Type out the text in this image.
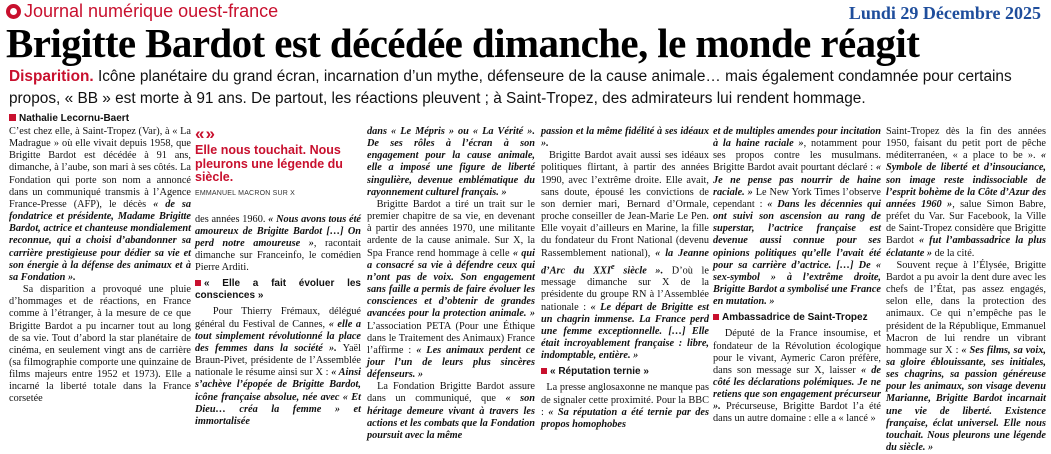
Journal numérique ouest-france	Lundi 29 Décembre 2025
Brigitte Bardot est décédée dimanche, le monde réagit
Disparition. Icône planétaire du grand écran, incarnation d’un mythe, défenseure de la cause animale… mais également condamnée pour certains propos, « BB » est morte à 91 ans. De partout, les réactions pleuvent ; à Saint-Tropez, des admirateurs lui rendent hommage.
Nathalie Lecornu-Baert

C’est chez elle, à Saint-Tropez (Var), à « La Madrague » où elle vivait depuis 1958, que Brigitte Bardot est décédée à 91 ans, dimanche, à l’aube, son mari à ses côtés. La Fondation qui porte son nom a annoncé dans un communiqué transmis à l’Agence France-Presse (AFP), le décès « de sa fondatrice et présidente, Madame Brigitte Bardot, actrice et chanteuse mondialement reconnue, qui a choisi d’abandonner sa carrière prestigieuse pour dédier sa vie et son énergie à la défense des animaux et à sa Fondation ».

Sa disparition a provoqué une pluie d’hommages et de réactions, en France comme à l’étranger, à la mesure de ce que Brigitte Bardot a pu incarner tout au long de sa vie. Tout d’abord la star planétaire de cinéma, en seulement vingt ans de carrière (sa filmographie comporte une quinzaine de films majeurs entre 1952 et 1973). Elle a incarné la liberté totale dans la France corsetée

«»
Elle nous touchait. Nous pleurons une légende du siècle.
EMMANUEL MACRON SUR X

des années 1960. « Nous avons tous été amoureux de Brigitte Bardot […] On perd notre amoureuse », racontait dimanche sur Franceinfo, le comédien Pierre Arditi.

« Elle a fait évoluer les consciences »

Pour Thierry Frémaux, délégué général du Festival de Cannes, « elle a tout simplement révolutionné la place des femmes dans la société ». Yaël Braun-Pivet, présidente de l’Assemblée nationale le résume ainsi sur X : « Ainsi s’achève l’épopée de Brigitte Bardot, icône française absolue, née avec « Et Dieu… créa la femme » et immortalisée

dans « Le Mépris » ou « La Vérité ». De ses rôles à l’écran à son engagement pour la cause animale, elle a imposé une figure de liberté singulière, devenue emblématique du rayonnement culturel français. »

Brigitte Bardot a tiré un trait sur le premier chapitre de sa vie, en devenant à partir des années 1970, une militante ardente de la cause animale. Sur X, la Spa France rend hommage à celle « qui a consacré sa vie à défendre ceux qui n’ont pas de voix. Son engagement sans faille a permis de faire évoluer les consciences et d’obtenir de grandes avancées pour la protection animale. » L’association PETA (Pour une Éthique dans le Traitement des Animaux) France l’affirme : « Les animaux perdent ce jour l’un de leurs plus sincères défenseurs. »

La Fondation Brigitte Bardot assure dans un communiqué, que « son héritage demeure vivant à travers les actions et les combats que la Fondation poursuit avec la même

passion et la même fidélité à ses idéaux ».

Brigitte Bardot avait aussi ses idéaux politiques flirtant, à partir des années 1990, avec l’extrême droite. Elle avait, sans doute, épousé les convictions de son dernier mari, Bernard d’Ormale, proche conseiller de Jean-Marie Le Pen. Elle voyait d’ailleurs en Marine, la fille du fondateur du Front National (devenu Rassemblement national), « la Jeanne d’Arc du XXIe siècle ». D’où le message dimanche sur X de la présidente du groupe RN à l’Assemblée nationale : « Le départ de Brigitte est un chagrin immense. La France perd une femme exceptionnelle. […] Elle était incroyablement française : libre, indomptable, entière. »

« Réputation ternie »

La presse anglosaxonne ne manque pas de signaler cette proximité. Pour la BBC : « Sa réputation a été ternie par des propos homophobes

et de multiples amendes pour incitation à la haine raciale », notamment pour ses propos contre les musulmans. Brigitte Bardot avait pourtant déclaré : « Je ne pense pas nourrir de haine raciale. » Le New York Times l’observe cependant : « Dans les décennies qui ont suivi son ascension au rang de superstar, l’actrice française est devenue aussi connue pour ses opinions politiques qu’elle l’avait été pour sa carrière d’actrice. […] De « sex-symbol » à l’extrême droite, Brigitte Bardot a symbolisé une France en mutation. »

Ambassadrice de Saint-Tropez

Député de la France insoumise, et fondateur de la Révolution écologique pour le vivant, Aymeric Caron préfère, dans son message sur X, laisser « de côté les déclarations polémiques. Je ne retiens que son engagement précurseur ». Précurseuse, Brigitte Bardot l’a été dans un autre domaine : elle a « lancé »

Saint-Tropez dès la fin des années 1950, faisant du petit port de pêche méditerranéen, « a place to be ». « Symbole de liberté et d’insouciance, son image reste indissociable de l’esprit bohème de la Côte d’Azur des années 1960 », salue Simon Babre, préfet du Var. Sur Facebook, la Ville de Saint-Tropez considère que Brigitte Bardot « fut l’ambassadrice la plus éclatante » de la cité.

Souvent reçue à l’Élysée, Brigitte Bardot a pu avoir la dent dure avec les chefs de l’État, pas assez engagés, selon elle, dans la protection des animaux. Ce qui n’empêche pas le président de la République, Emmanuel Macron de lui rendre un vibrant hommage sur X : « Ses films, sa voix, sa gloire éblouissante, ses initiales, ses chagrins, sa passion généreuse pour les animaux, son visage devenu Marianne, Brigitte Bardot incarnait une vie de liberté. Existence française, éclat universel. Elle nous touchait. Nous pleurons une légende du siècle. »
